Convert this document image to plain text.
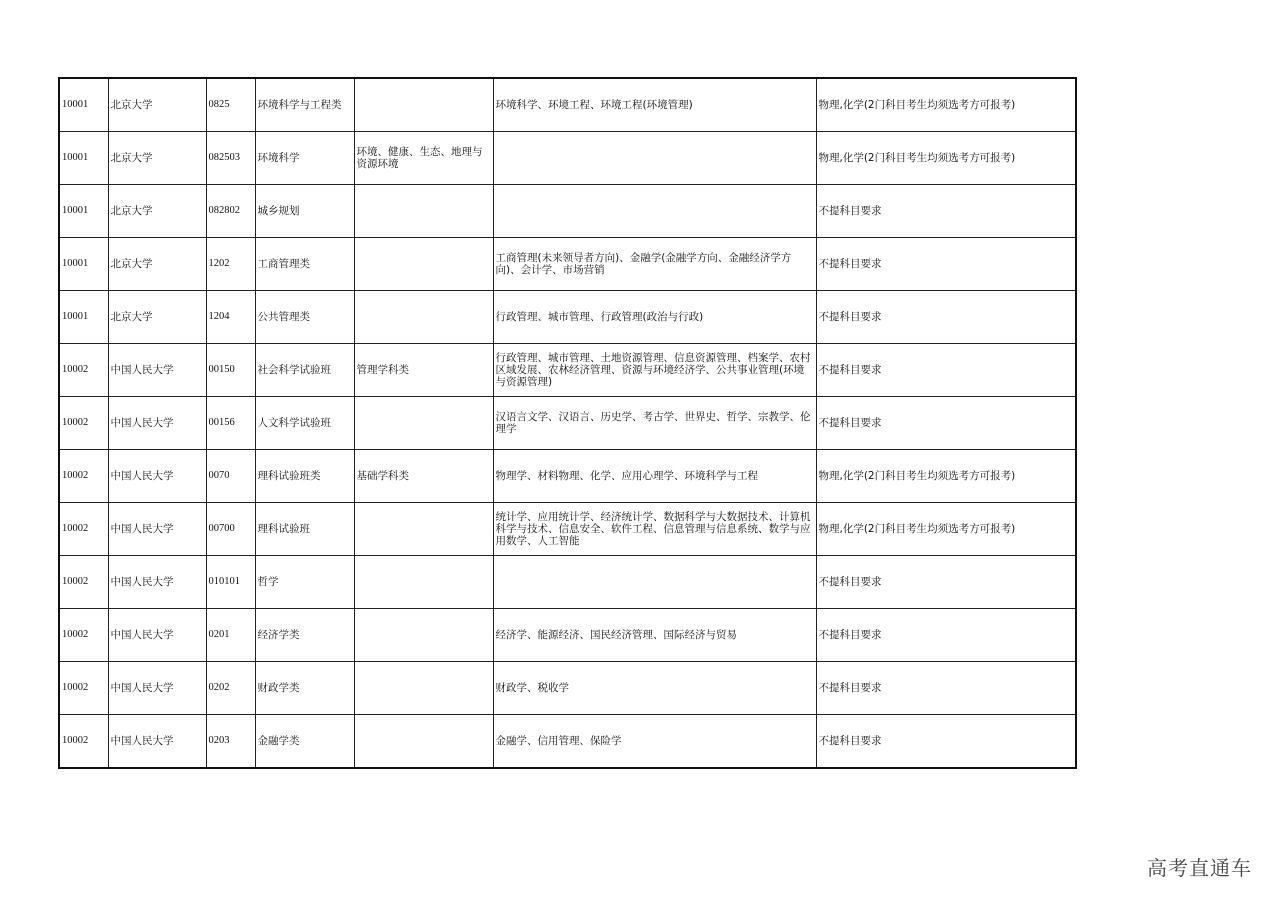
10001	北京大学	0825	环境科学与工程类		环境科学、环境工程、环境工程(环境管理)	物理,化学(2门科目考生均须选考方可报考)
10001	北京大学	082503	环境科学	环境、健康、生态、地理与资源环境		物理,化学(2门科目考生均须选考方可报考)
10001	北京大学	082802	城乡规划			不提科目要求
10001	北京大学	1202	工商管理类		工商管理(未来领导者方向)、金融学(金融学方向、金融经济学方向)、会计学、市场营销	不提科目要求
10001	北京大学	1204	公共管理类		行政管理、城市管理、行政管理(政治与行政)	不提科目要求
10002	中国人民大学	00150	社会科学试验班	管理学科类	行政管理、城市管理、土地资源管理、信息资源管理、档案学、农村区域发展、农林经济管理、资源与环境经济学、公共事业管理(环境与资源管理)	不提科目要求
10002	中国人民大学	00156	人文科学试验班		汉语言文学、汉语言、历史学、考古学、世界史、哲学、宗教学、伦理学	不提科目要求
10002	中国人民大学	0070	理科试验班类	基础学科类	物理学、材料物理、化学、应用心理学、环境科学与工程	物理,化学(2门科目考生均须选考方可报考)
10002	中国人民大学	00700	理科试验班		统计学、应用统计学、经济统计学、数据科学与大数据技术、计算机科学与技术、信息安全、软件工程、信息管理与信息系统、数学与应用数学、人工智能	物理,化学(2门科目考生均须选考方可报考)
10002	中国人民大学	010101	哲学			不提科目要求
10002	中国人民大学	0201	经济学类		经济学、能源经济、国民经济管理、国际经济与贸易	不提科目要求
10002	中国人民大学	0202	财政学类		财政学、税收学	不提科目要求
10002	中国人民大学	0203	金融学类		金融学、信用管理、保险学	不提科目要求
高考直通车
